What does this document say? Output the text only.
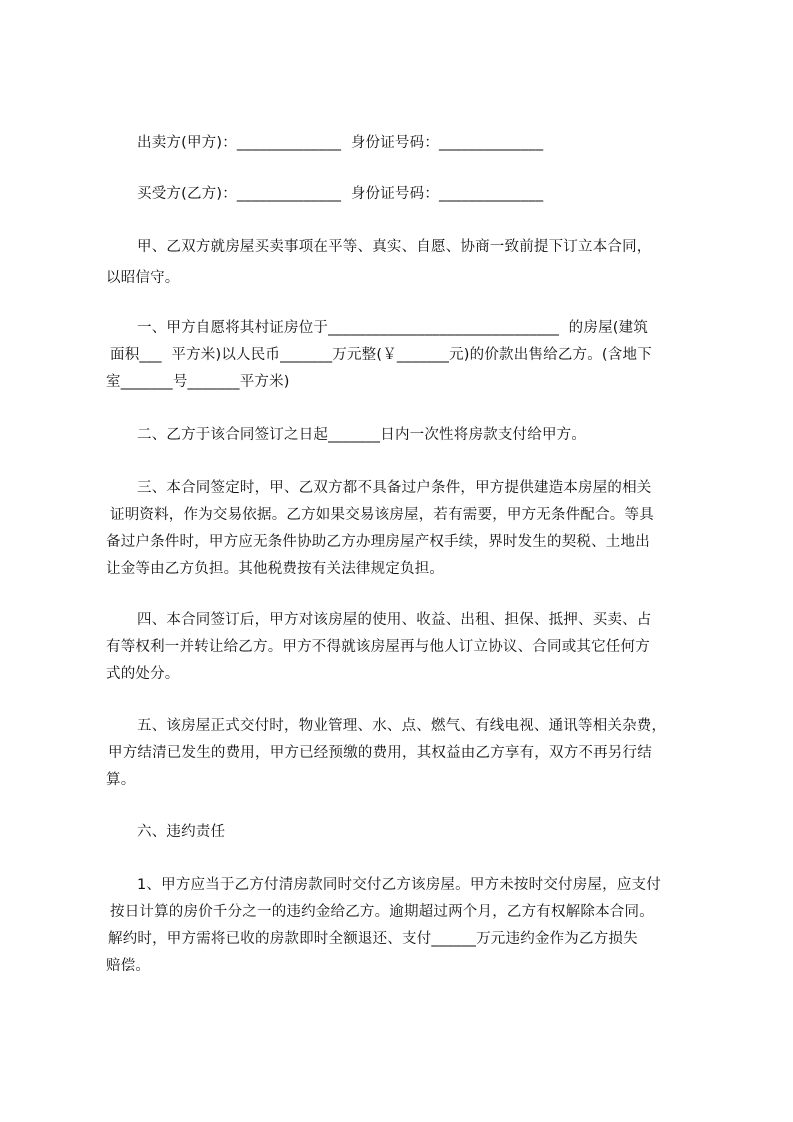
出卖方(甲方)：______________  身份证号码：______________
买受方(乙方)：______________  身份证号码：______________
甲、乙双方就房屋买卖事项在平等、真实、自愿、协商一致前提下订立本合同，
以昭信守。
一、甲方自愿将其村证房位于_______________________________  的房屋(建筑
面积___  平方米)以人民币_______万元整(￥_______元)的价款出售给乙方。(含地下
室_______号_______平方米)
二、乙方于该合同签订之日起_______日内一次性将房款支付给甲方。
三、本合同签定时，甲、乙双方都不具备过户条件，甲方提供建造本房屋的相关
证明资料，作为交易依据。乙方如果交易该房屋，若有需要，甲方无条件配合。等具
备过户条件时，甲方应无条件协助乙方办理房屋产权手续，界时发生的契税、土地出
让金等由乙方负担。其他税费按有关法律规定负担。
四、本合同签订后，甲方对该房屋的使用、收益、出租、担保、抵押、买卖、占
有等权利一并转让给乙方。甲方不得就该房屋再与他人订立协议、合同或其它任何方
式的处分。
五、该房屋正式交付时，物业管理、水、点、燃气、有线电视、通讯等相关杂费，
甲方结清已发生的费用，甲方已经预缴的费用，其权益由乙方享有，双方不再另行结
算。
六、违约责任
1、甲方应当于乙方付清房款同时交付乙方该房屋。甲方未按时交付房屋，应支付
按日计算的房价千分之一的违约金给乙方。逾期超过两个月，乙方有权解除本合同。
解约时，甲方需将已收的房款即时全额退还、支付______万元违约金作为乙方损失
赔偿。
